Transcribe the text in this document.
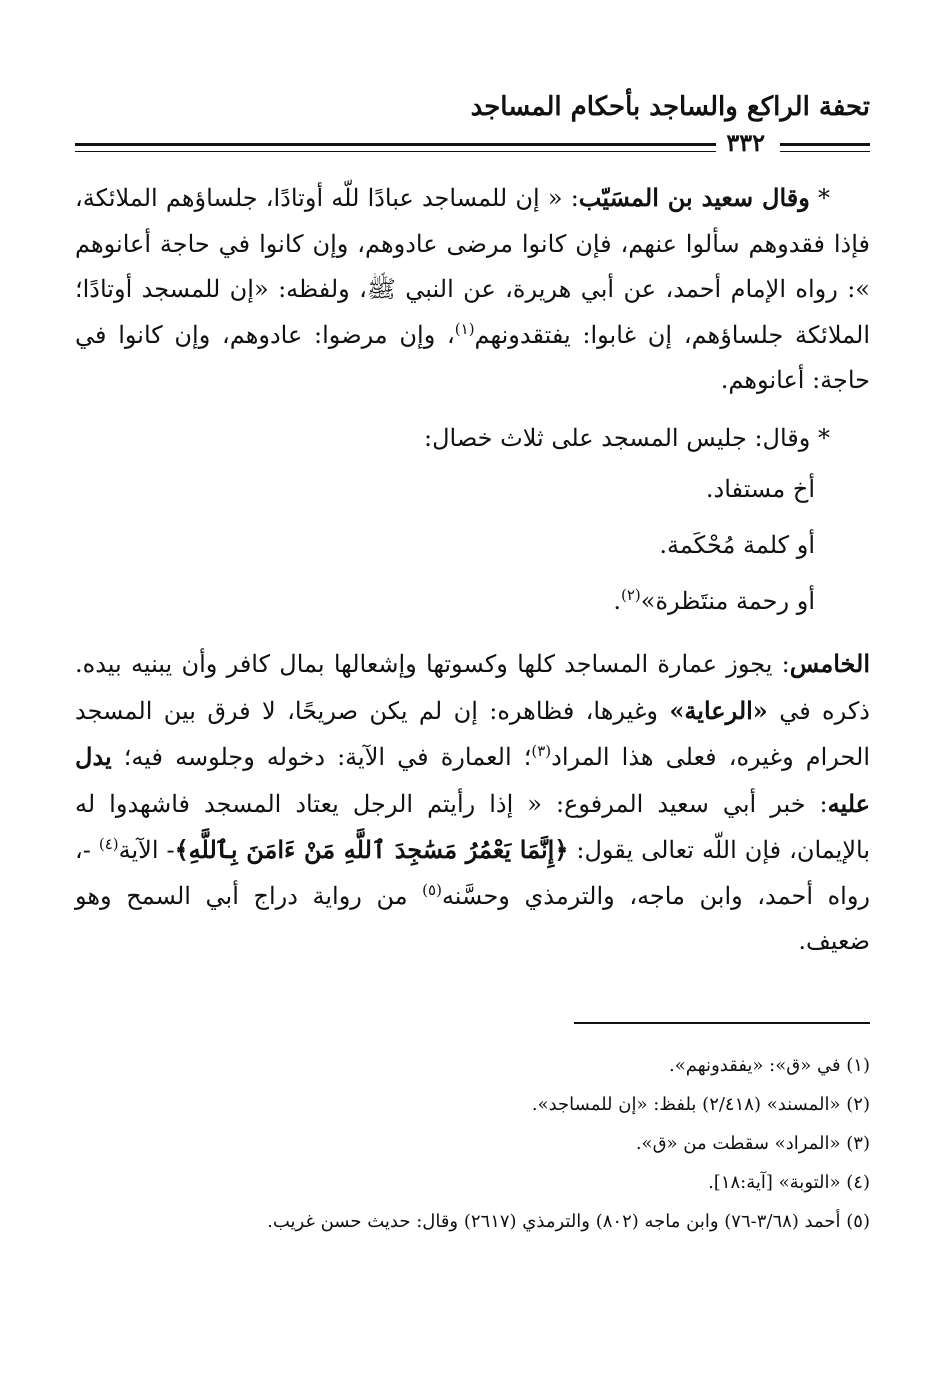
تحفة الراكع والساجد بأحكام المساجد
٣٣٢

* وقال سعيد بن المسَيّب: « إن للمساجد عبادًا للّه أوتادًا، جلساؤهم الملائكة، فإذا فقدوهم سألوا عنهم، فإن كانوا مرضى عادوهم، وإن كانوا في حاجة أعانوهم »: رواه الإمام أحمد، عن أبي هريرة، عن النبي ﷺ، ولفظه: «إن للمسجد أوتادًا؛ الملائكة جلساؤهم، إن غابوا: يفتقدونهم$^{(١)}$، وإن مرضوا: عادوهم، وإن كانوا في حاجة: أعانوهم.

* وقال: جليس المسجد على ثلاث خصال:

أخ مستفاد.

أو كلمة مُحْكَمة.

أو رحمة منتَظرة»$^{(٢)}$.

الخامس: يجوز عمارة المساجد كلها وكسوتها وإشعالها بمال كافر وأن يبنيه بيده. ذكره في «الرعاية» وغيرها، فظاهره: إن لم يكن صريحًا، لا فرق بين المسجد الحرام وغيره، فعلى هذا المراد$^{(٣)}$؛ العمارة في الآية: دخوله وجلوسه فيه؛ يدل عليه: خبر أبي سعيد المرفوع: « إذا رأيتم الرجل يعتاد المسجد فاشهدوا له بالإيمان، فإن اللّه تعالى يقول: ﴿إِنَّمَا يَعْمُرُ مَسَٰجِدَ ٱللَّهِ مَنْ ءَامَنَ بِٱللَّهِ﴾- الآية$^{(٤)}$ -، رواه أحمد، وابن ماجه، والترمذي وحسَّنه$^{(٥)}$ من رواية دراج أبي السمح وهو ضعيف.

(١) في «ق»: «يفقدونهم».

(٢) «المسند» (٢/٤١٨) بلفظ: «إن للمساجد».

(٣) «المراد» سقطت من «ق».

(٤) «التوبة» [آية:١٨].

(٥) أحمد (٣/٦٨-٧٦) وابن ماجه (٨٠٢) والترمذي (٢٦١٧) وقال: حديث حسن غريب.
